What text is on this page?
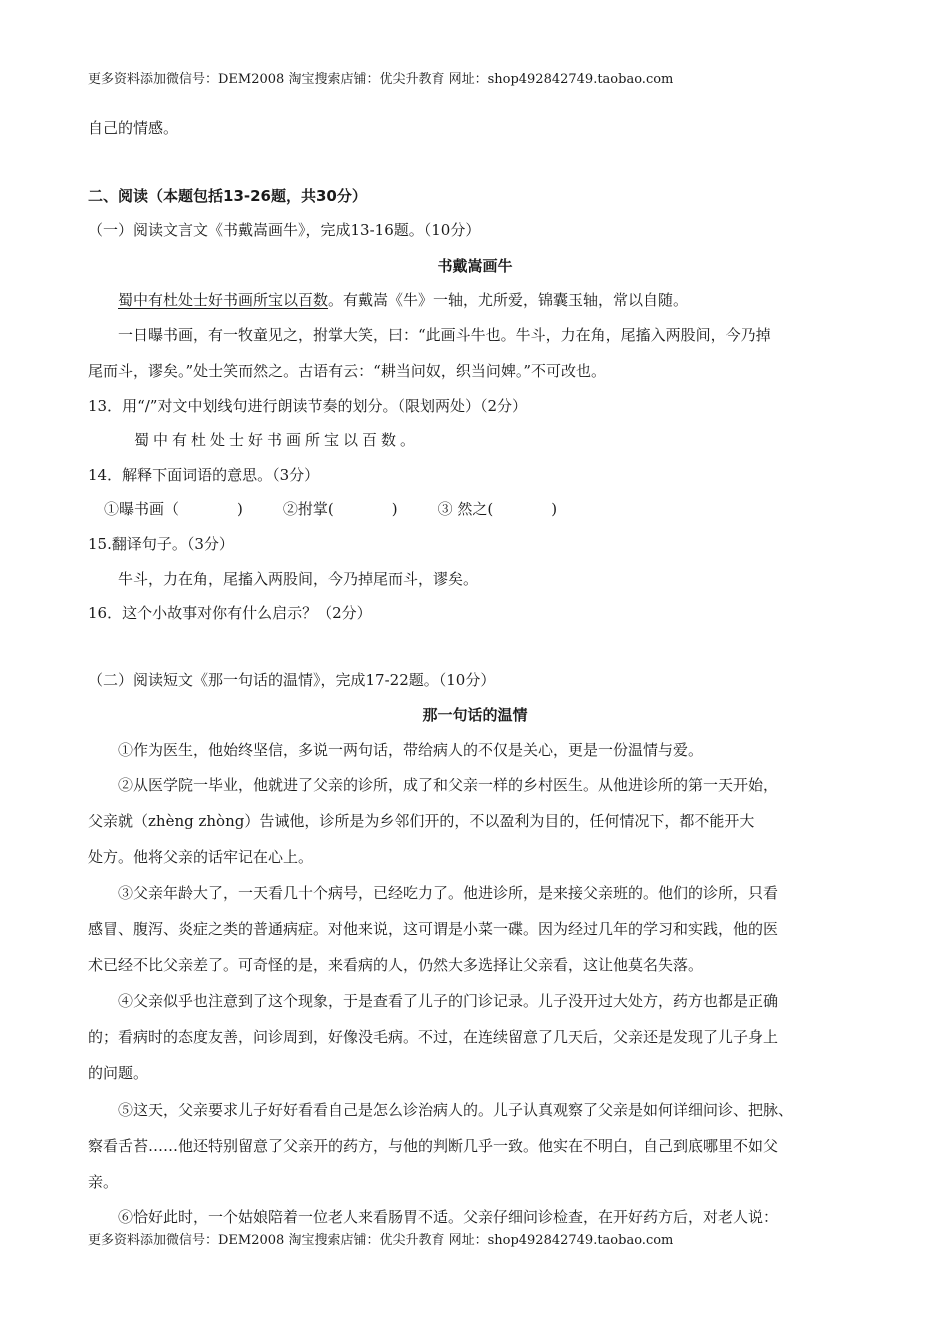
更多资料添加微信号：DEM2008 淘宝搜索店铺：优尖升教育 网址：shop492842749.taobao.com
自己的情感。
二、阅读（本题包括13-26题，共30分）
（一）阅读文言文《书戴嵩画牛》，完成13-16题。（10分）
书戴嵩画牛
蜀中有杜处士好书画所宝以百数。有戴嵩《牛》一轴，尤所爱，锦囊玉轴，常以自随。
一日曝书画，有一牧童见之，拊掌大笑，曰：“此画斗牛也。牛斗，力在角，尾搐入两股间，今乃掉
尾而斗，谬矣。”处士笑而然之。古语有云：“耕当问奴，织当问婢。”不可改也。
13．用“/”对文中划线句进行朗读节奏的划分。（限划两处）（2分）
蜀中有杜处士好书画所宝以百数。
14．解释下面词语的意思。（3分）
①曝书画（	)	②拊掌(	)	③ 然之(	)
15.翻译句子。（3分）
牛斗，力在角，尾搐入两股间，今乃掉尾而斗，谬矣。
16．这个小故事对你有什么启示？（2分）
（二）阅读短文《那一句话的温情》，完成17-22题。（10分）
那一句话的温情
①作为医生，他始终坚信，多说一两句话，带给病人的不仅是关心，更是一份温情与爱。
②从医学院一毕业，他就进了父亲的诊所，成了和父亲一样的乡村医生。从他进诊所的第一天开始，
父亲就（zhèng zhòng）告诫他，诊所是为乡邻们开的，不以盈利为目的，任何情况下，都不能开大
处方。他将父亲的话牢记在心上。
③父亲年龄大了，一天看几十个病号，已经吃力了。他进诊所，是来接父亲班的。他们的诊所，只看
感冒、腹泻、炎症之类的普通病症。对他来说，这可谓是小菜一碟。因为经过几年的学习和实践，他的医
术已经不比父亲差了。可奇怪的是，来看病的人，仍然大多选择让父亲看，这让他莫名失落。
④父亲似乎也注意到了这个现象，于是查看了儿子的门诊记录。儿子没开过大处方，药方也都是正确
的；看病时的态度友善，问诊周到，好像没毛病。不过，在连续留意了几天后，父亲还是发现了儿子身上
的问题。
⑤这天，父亲要求儿子好好看看自己是怎么诊治病人的。儿子认真观察了父亲是如何详细问诊、把脉、
察看舌苔……他还特别留意了父亲开的药方，与他的判断几乎一致。他实在不明白，自己到底哪里不如父
亲。
⑥恰好此时，一个姑娘陪着一位老人来看肠胃不适。父亲仔细问诊检查，在开好药方后，对老人说：
更多资料添加微信号：DEM2008 淘宝搜索店铺：优尖升教育 网址：shop492842749.taobao.com
